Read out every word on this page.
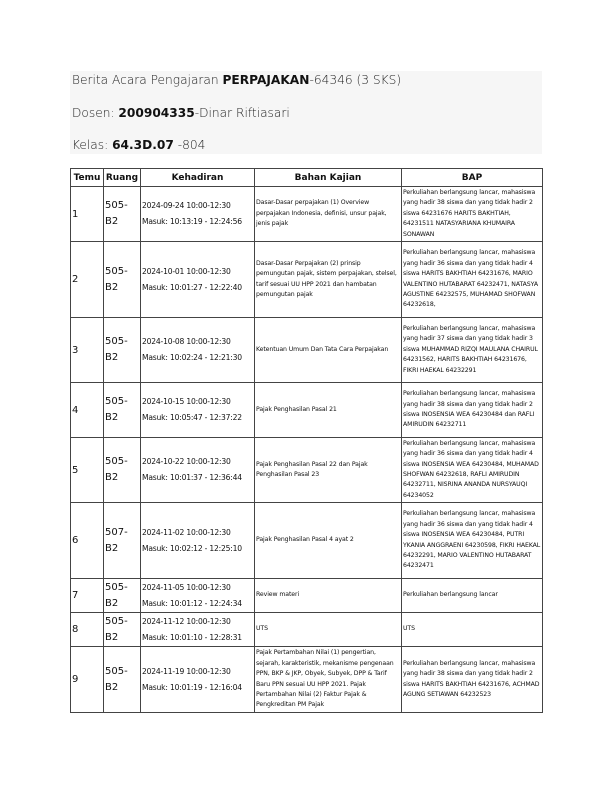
Berita Acara Pengajaran PERPAJAKAN-64346 (3 SKS)
Dosen: 200904335-Dinar Riftiasari
Kelas: 64.3D.07 -804
Temu	Ruang	Kehadiran	Bahan Kajian	BAP
1	505-B2	2024-09-24 10:00-12:30
Masuk: 10:13:19 - 12:24:56	Dasar-Dasar perpajakan (1) Overview perpajakan Indonesia, definisi, unsur pajak, jenis pajak	Perkuliahan berlangsung lancar, mahasiswa yang hadir 38 siswa dan yang tidak hadir 2 siswa 64231676 HARITS BAKHTIAH, 64231511 NATASYARIANA KHUMAIRA SONAWAN
2	505-B2	2024-10-01 10:00-12:30
Masuk: 10:01:27 - 12:22:40	Dasar-Dasar Perpajakan (2) prinsip pemungutan pajak, sistem perpajakan, stelsel, tarif sesuai UU HPP 2021 dan hambatan pemungutan pajak	Perkuliahan berlangsung lancar, mahasiswa yang hadir 36 siswa dan yang tidak hadir 4 siswa HARITS BAKHTIAH 64231676, MARIO VALENTINO HUTABARAT 64232471, NATASYA AGUSTINE 64232575, MUHAMAD SHOFWAN 64232618,
3	505-B2	2024-10-08 10:00-12:30
Masuk: 10:02:24 - 12:21:30	Ketentuan Umum Dan Tata Cara Perpajakan	Perkuliahan berlangsung lancar, mahasiswa yang hadir 37 siswa dan yang tidak hadir 3 siswa MUHAMMAD RIZQI MAULANA CHAIRUL 64231562, HARITS BAKHTIAH 64231676, FIKRI HAEKAL 64232291
4	505-B2	2024-10-15 10:00-12:30
Masuk: 10:05:47 - 12:37:22	Pajak Penghasilan Pasal 21	Perkuliahan berlangsung lancar, mahasiswa yang hadir 38 siswa dan yang tidak hadir 2 siswa INOSENSIA WEA 64230484 dan RAFLI AMIRUDIN 64232711
5	505-B2	2024-10-22 10:00-12:30
Masuk: 10:01:37 - 12:36:44	Pajak Penghasilan Pasal 22 dan Pajak Penghasilan Pasal 23	Perkuliahan berlangsung lancar, mahasiswa yang hadir 36 siswa dan yang tidak hadir 4 siswa INOSENSIA WEA 64230484, MUHAMAD SHOFWAN 64232618, RAFLI AMIRUDIN 64232711, NISRINA ANANDA NURSYAUQI 64234052
6	507-B2	2024-11-02 10:00-12:30
Masuk: 10:02:12 - 12:25:10	Pajak Penghasilan Pasal 4 ayat 2	Perkuliahan berlangsung lancar, mahasiswa yang hadir 36 siswa dan yang tidak hadir 4 siswa INOSENSIA WEA 64230484, PUTRI YKANIA ANGGRAENI 64230598, FIKRI HAEKAL 64232291, MARIO VALENTINO HUTABARAT 64232471
7	505-B2	2024-11-05 10:00-12:30
Masuk: 10:01:12 - 12:24:34	Review materi	Perkuliahan berlangsung lancar
8	505-B2	2024-11-12 10:00-12:30
Masuk: 10:01:10 - 12:28:31	UTS	UTS
9	505-B2	2024-11-19 10:00-12:30
Masuk: 10:01:19 - 12:16:04	Pajak Pertambahan Nilai (1) pengertian, sejarah, karakteristik, mekanisme pengenaan PPN, BKP & JKP, Obyek, Subyek, DPP & Tarif Baru PPN sesuai UU HPP 2021. Pajak Pertambahan Nilai (2) Faktur Pajak & Pengkreditan PM Pajak	Perkuliahan berlangsung lancar, mahasiswa yang hadir 38 siswa dan yang tidak hadir 2 siswa HARITS BAKHTIAH 64231676, ACHMAD AGUNG SETIAWAN 64232523
